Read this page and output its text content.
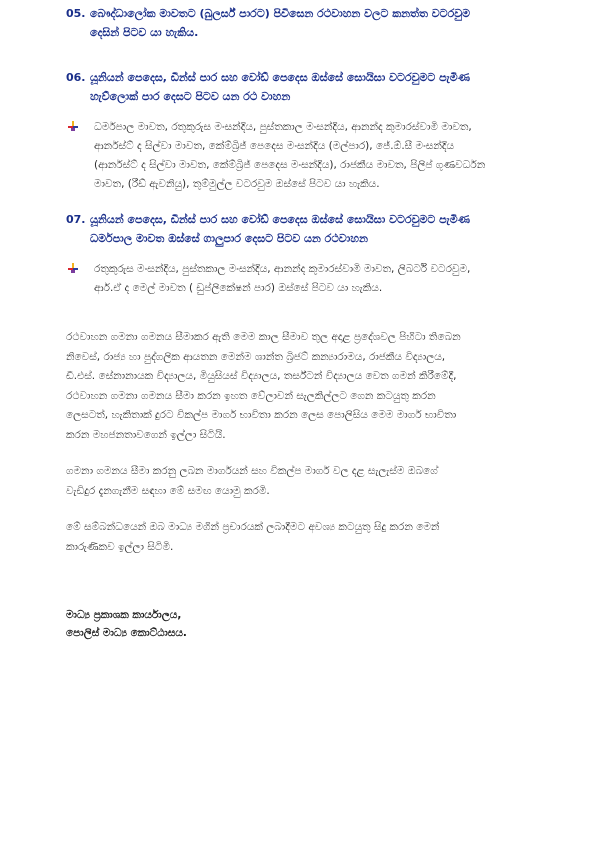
05. බෞද්ධාලෝක මාවතට (බුලර්ස් පාරට) පිවිසෙන රථවාහන වලට කනත්ත වටරවුම
දෙසින් පිටව යා හැකිය.
06. යූනියන් පෙදෙස, ඩීන්ස් පාර සහ වෝඩ් පෙදෙස ඔස්සේ සොයිසා වටරවුමට පැමිණ
හැව්ලොක් පාර දෙසට පිටව යන රථ වාහන
ධර්මපාල මාවත, රතුකුරුස මංසන්දිය, පුස්තකාල මංසන්දිය, ආනන්ද කුමාරස්වාමි මාවත,
ආර්නස්ට් ද සිල්වා මාවත, කේම්බ්‍රිජ් පෙදෙස මංසන්දිය (මල්පාර), ජේ.ඕ.සී මංසන්දිය
(ආර්නස්ට් ද සිල්වා මාවත, කේම්බ්‍රිජ් පෙදෙස මංසන්දිය), රාජකීය මාවත, පිලිප් ගුණවර්ධන
මාවත, (රීඩ් ඇවනියු), තුම්මුල්ල වටරවුම ඔස්සේ පිටව යා හැකිය.
07. යූනියන් පෙදෙස, ඩීන්ස් පාර සහ වෝඩ් පෙදෙස ඔස්සේ සොයිසා වටරවුමට පැමිණ
ධර්මපාල මාවත ඔස්සේ ගාලුපාර දෙසට පිටව යන රථවාහන
රතුකුරුස මංසන්දිය, පුස්තකාල මංසන්දිය, ආනන්ද කුමාරස්වාමි මාවත, ලිබර්ටි වටරවුම,
ආර්.ඒ ද මෙල් මාවත ( ඩුප්ලිකේෂන් පාර) ඔස්සේ පිටව යා හැකිය.
රථවාහන ගමනා ගමනය සීමාකර ඇති මෙම කාල සීමාව තුල අදාළ ප්‍රදේශවල පිහිටා තිබෙන
නිවෙස්, රාජ්‍ය හා පුද්ගලික ආයතන මෙන්ම ශාන්ත බ්‍රිජට් කන්‍යාරාමය, රාජකීය විද්‍යාලය,
ඩී.එස්. සේනානායක විද්‍යාලය, මියුසියස් විද්‍යාලය, තර්ස්ටන් විද්‍යාලය වෙත ගමන් කිරීමේදී,
රථවාහන ගමනා ගමනය සීමා කරන ඉහත වේලාවන් සැලකිල්ලට ගෙන කටයුතු කරන
ලෙසටත්, හැකිතාක් දුරට විකල්ප මාර්ග භාවිතා කරන ලෙස පොලිසිය මෙම මාර්ග භාවිතා
කරන මහජනතාවගෙන් ඉල්ලා සිටියි.
ගමනා ගමනය සීමා කරනු ලබන මාර්ගයන් සහ විකල්ප මාර්ග වල දළ සැලැස්ම ඔබගේ
වැඩිදුර දැනගැනීම සඳහා මේ සමඟ යොමු කරමි.
මේ සම්බන්ධයෙන් ඔබ මාධ්‍ය මගින් ප්‍රචාරයක් ලබාදීමට අවශ්‍ය කටයුතු සිදු කරන මෙන්
කාරුණිකව ඉල්ලා සිටිමි.
මාධ්‍ය ප්‍රකාශක කාර්යාලය,
පොලිස් මාධ්‍ය කොට්ඨාසය.
